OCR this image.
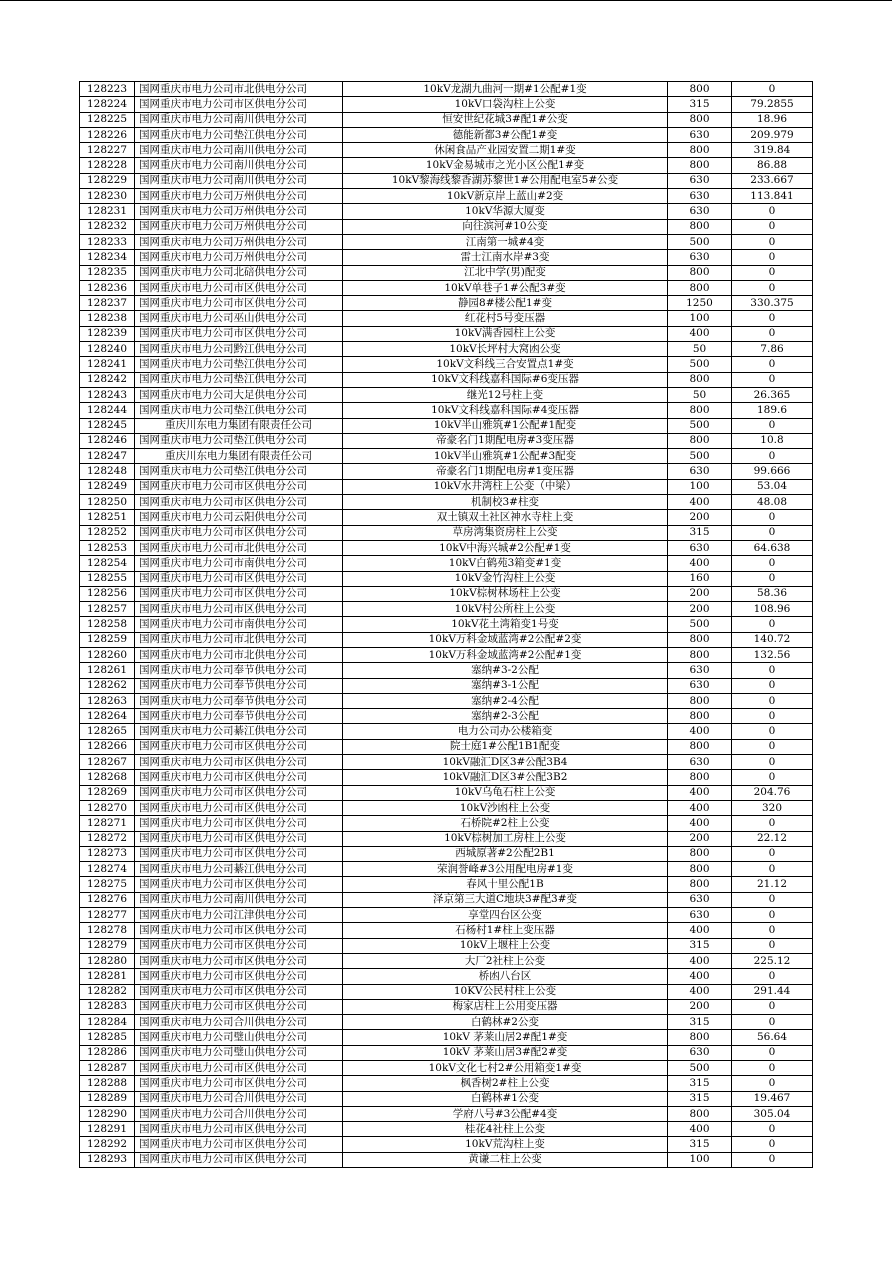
128223	国网重庆市电力公司市北供电分公司	10kV龙湖九曲河一期#1公配#1变	800	0
128224	国网重庆市电力公司市区供电分公司	10kV口袋沟柱上公变	315	79.2855
128225	国网重庆市电力公司南川供电分公司	恒安世纪花城3#配1#公变	800	18.96
128226	国网重庆市电力公司垫江供电分公司	德能新都3#公配1#变	630	209.979
128227	国网重庆市电力公司南川供电分公司	休闲食品产业园安置二期1#变	800	319.84
128228	国网重庆市电力公司南川供电分公司	10kV金易城市之光小区公配1#变	800	86.88
128229	国网重庆市电力公司南川供电分公司	10kV黎海线黎香湖苏黎世1#公用配电室5#公变	630	233.667
128230	国网重庆市电力公司万州供电分公司	10kV新京岸上蓝山#2变	630	113.841
128231	国网重庆市电力公司万州供电分公司	10kV华源大厦变	630	0
128232	国网重庆市电力公司万州供电分公司	向往滨河#10公变	800	0
128233	国网重庆市电力公司万州供电分公司	江南第一城#4变	500	0
128234	国网重庆市电力公司万州供电分公司	雷士江南水岸#3变	630	0
128235	国网重庆市电力公司北碚供电分公司	江北中学(男)配变	800	0
128236	国网重庆市电力公司市区供电分公司	10kV单巷子1#公配3#变	800	0
128237	国网重庆市电力公司市区供电分公司	静园8#楼公配1#变	1250	330.375
128238	国网重庆市电力公司巫山供电分公司	红花村5号变压器	100	0
128239	国网重庆市电力公司市区供电分公司	10kV满香园柱上公变	400	0
128240	国网重庆市电力公司黔江供电分公司	10kV长坪村大窝凼公变	50	7.86
128241	国网重庆市电力公司垫江供电分公司	10kV文科线三合安置点1#变	500	0
128242	国网重庆市电力公司垫江供电分公司	10kV文科线嘉科国际#6变压器	800	0
128243	国网重庆市电力公司大足供电分公司	继光12号柱上变	50	26.365
128244	国网重庆市电力公司垫江供电分公司	10kV文科线嘉科国际#4变压器	800	189.6
128245	重庆川东电力集团有限责任公司	10kV半山雅筑#1公配#1配变	500	0
128246	国网重庆市电力公司垫江供电分公司	帝豪名门1期配电房#3变压器	800	10.8
128247	重庆川东电力集团有限责任公司	10kV半山雅筑#1公配#3配变	500	0
128248	国网重庆市电力公司垫江供电分公司	帝豪名门1期配电房#1变压器	630	99.666
128249	国网重庆市电力公司市区供电分公司	10kV水井湾柱上公变（中梁）	100	53.04
128250	国网重庆市电力公司市区供电分公司	机制校3#柱变	400	48.08
128251	国网重庆市电力公司云阳供电分公司	双土镇双土社区神水寺柱上变	200	0
128252	国网重庆市电力公司市区供电分公司	草房湾集资房柱上公变	315	0
128253	国网重庆市电力公司市北供电分公司	10kV中海兴城#2公配#1变	630	64.638
128254	国网重庆市电力公司市南供电分公司	10kV白鹤苑3箱变#1变	400	0
128255	国网重庆市电力公司市区供电分公司	10kV金竹沟柱上公变	160	0
128256	国网重庆市电力公司市区供电分公司	10kV棕树林场柱上公变	200	58.36
128257	国网重庆市电力公司市区供电分公司	10kV村公所柱上公变	200	108.96
128258	国网重庆市电力公司市南供电分公司	10kV花土湾箱变1号变	500	0
128259	国网重庆市电力公司市北供电分公司	10kV万科金域蓝湾#2公配#2变	800	140.72
128260	国网重庆市电力公司市北供电分公司	10kV万科金域蓝湾#2公配#1变	800	132.56
128261	国网重庆市电力公司奉节供电分公司	塞纳#3-2公配	630	0
128262	国网重庆市电力公司奉节供电分公司	塞纳#3-1公配	630	0
128263	国网重庆市电力公司奉节供电分公司	塞纳#2-4公配	800	0
128264	国网重庆市电力公司奉节供电分公司	塞纳#2-3公配	800	0
128265	国网重庆市电力公司綦江供电分公司	电力公司办公楼箱变	400	0
128266	国网重庆市电力公司市区供电分公司	院士庭1#公配1B1配变	800	0
128267	国网重庆市电力公司市区供电分公司	10kV融汇D区3#公配3B4	630	0
128268	国网重庆市电力公司市区供电分公司	10kV融汇D区3#公配3B2	800	0
128269	国网重庆市电力公司市区供电分公司	10kV乌龟石柱上公变	400	204.76
128270	国网重庆市电力公司市区供电分公司	10kV沙凼柱上公变	400	320
128271	国网重庆市电力公司市区供电分公司	石桥院#2柱上公变	400	0
128272	国网重庆市电力公司市区供电分公司	10kV棕树加工房柱上公变	200	22.12
128273	国网重庆市电力公司市区供电分公司	西城原著#2公配2B1	800	0
128274	国网重庆市电力公司綦江供电分公司	荣润誉峰#3公用配电房#1变	800	0
128275	国网重庆市电力公司市区供电分公司	春风十里公配1B	800	21.12
128276	国网重庆市电力公司南川供电分公司	泽京第三大道C地块3#配3#变	630	0
128277	国网重庆市电力公司江津供电分公司	享堂四台区公变	630	0
128278	国网重庆市电力公司市区供电分公司	石杨村1#柱上变压器	400	0
128279	国网重庆市电力公司市区供电分公司	10kV上堰柱上公变	315	0
128280	国网重庆市电力公司市区供电分公司	大厂2社柱上公变	400	225.12
128281	国网重庆市电力公司市区供电分公司	桥凼八台区	400	0
128282	国网重庆市电力公司市区供电分公司	10KV公民村柱上公变	400	291.44
128283	国网重庆市电力公司市区供电分公司	梅家店柱上公用变压器	200	0
128284	国网重庆市电力公司合川供电分公司	白鹤林#2公变	315	0
128285	国网重庆市电力公司璧山供电分公司	10kV 茅莱山居2#配1#变	800	56.64
128286	国网重庆市电力公司璧山供电分公司	10kV 茅莱山居3#配2#变	630	0
128287	国网重庆市电力公司市区供电分公司	10kV文化七村2#公用箱变1#变	500	0
128288	国网重庆市电力公司市区供电分公司	枫香树2#柱上公变	315	0
128289	国网重庆市电力公司合川供电分公司	白鹤林#1公变	315	19.467
128290	国网重庆市电力公司合川供电分公司	学府八号#3公配#4变	800	305.04
128291	国网重庆市电力公司市区供电分公司	桂花4社柱上公变	400	0
128292	国网重庆市电力公司市区供电分公司	10kV荒沟柱上变	315	0
128293	国网重庆市电力公司市区供电分公司	黄谦二柱上公变	100	0
